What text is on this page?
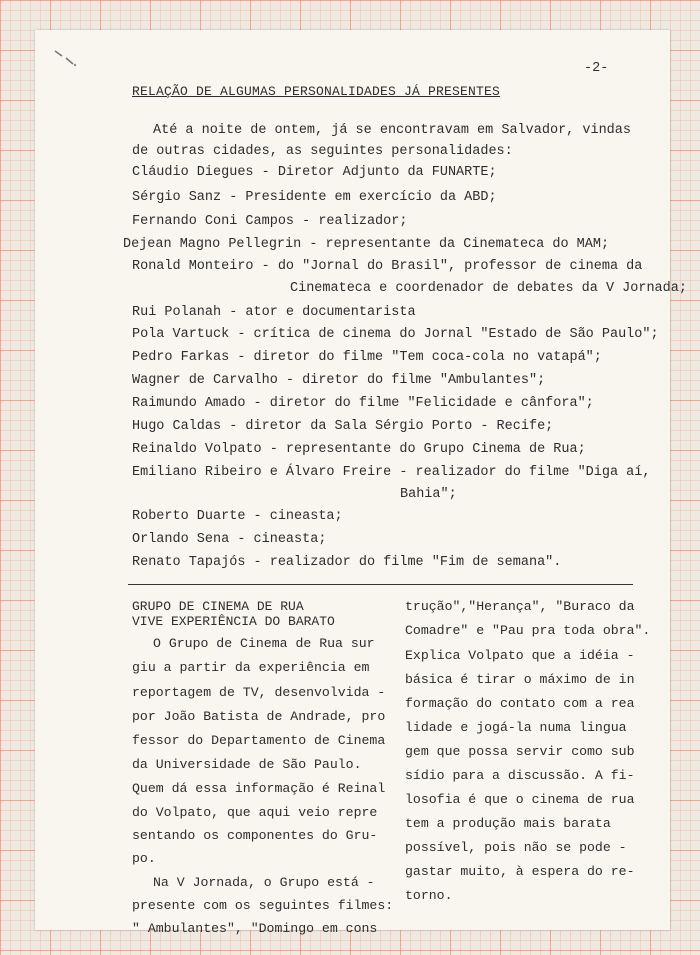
-2-
RELAÇÃO DE ALGUMAS PERSONALIDADES JÁ PRESENTES
Até a noite de ontem, já se encontravam em Salvador, vindas
de outras cidades, as seguintes personalidades:
Cláudio Diegues - Diretor Adjunto da FUNARTE;
Sérgio Sanz - Presidente em exercício da ABD;
Fernando Coni Campos - realizador;
Dejean Magno Pellegrin - representante da Cinemateca do MAM;
Ronald Monteiro - do "Jornal do Brasil", professor de cinema da
Cinemateca e coordenador de debates da V Jornada;
Rui Polanah - ator e documentarista
Pola Vartuck - crítica de cinema do Jornal "Estado de São Paulo";
Pedro Farkas - diretor do filme "Tem coca-cola no vatapá";
Wagner de Carvalho - diretor do filme "Ambulantes";
Raimundo Amado - diretor do filme "Felicidade e cânfora";
Hugo Caldas - diretor da Sala Sérgio Porto - Recife;
Reinaldo Volpato - representante do Grupo Cinema de Rua;
Emiliano Ribeiro e Álvaro Freire - realizador do filme "Diga aí,
Bahia";
Roberto Duarte - cineasta;
Orlando Sena - cineasta;
Renato Tapajós - realizador do filme "Fim de semana".
GRUPO DE CINEMA DE RUA
VIVE EXPERIÊNCIA DO BARATO
O Grupo de Cinema de Rua sur
giu a partir da experiência em
reportagem de TV, desenvolvida -
por João Batista de Andrade, pro
fessor do Departamento de Cinema
da Universidade de São Paulo.
Quem dá essa informação é Reinal
do Volpato, que aqui veio repre
sentando os componentes do Gru-
po.
Na V Jornada, o Grupo está -
presente com os seguintes filmes:
" Ambulantes", "Domingo em cons
trução","Herança", "Buraco da
Comadre" e "Pau pra toda obra".
Explica Volpato que a idéia -
básica é tirar o máximo de in
formação do contato com a rea
lidade e jogá-la numa lingua
gem que possa servir como sub
sídio para a discussão. A fi-
losofia é que o cinema de rua
tem a produção mais barata
possível, pois não se pode -
gastar muito, à espera do re-
torno.
